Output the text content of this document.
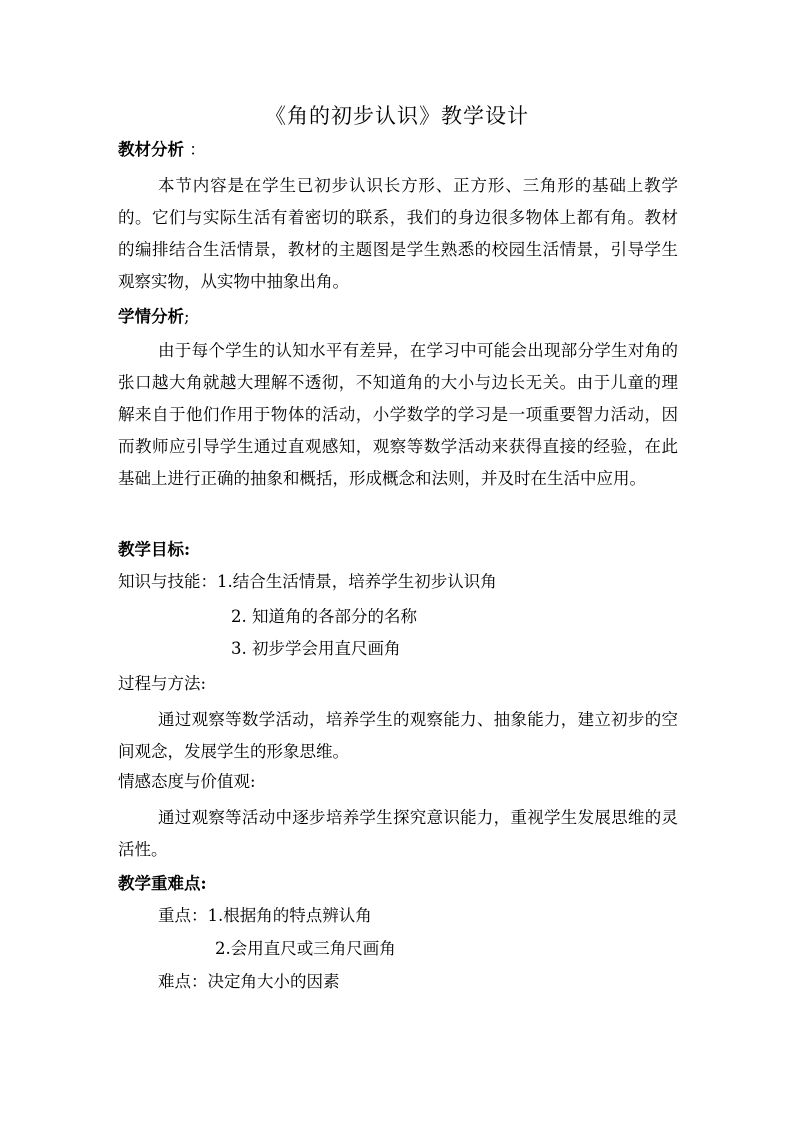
《角的初步认识》教学设计
教材分析 ：
本节内容是在学生已初步认识长方形、正方形、三角形的基础上教学的。它们与实际生活有着密切的联系，我们的身边很多物体上都有角。教材的编排结合生活情景，教材的主题图是学生熟悉的校园生活情景，引导学生观察实物，从实物中抽象出角。
学情分析;
由于每个学生的认知水平有差异，在学习中可能会出现部分学生对角的张口越大角就越大理解不透彻，不知道角的大小与边长无关。由于儿童的理解来自于他们作用于物体的活动，小学数学的学习是一项重要智力活动，因而教师应引导学生通过直观感知，观察等数学活动来获得直接的经验，在此基础上进行正确的抽象和概括，形成概念和法则，并及时在生活中应用。
教学目标:
知识与技能：1.结合生活情景，培养学生初步认识角
2. 知道角的各部分的名称
3. 初步学会用直尺画角
过程与方法:
通过观察等数学活动，培养学生的观察能力、抽象能力，建立初步的空间观念，发展学生的形象思维。
情感态度与价值观:
通过观察等活动中逐步培养学生探究意识能力，重视学生发展思维的灵活性。
教学重难点:
重点：1.根据角的特点辨认角
2.会用直尺或三角尺画角
难点：决定角大小的因素
